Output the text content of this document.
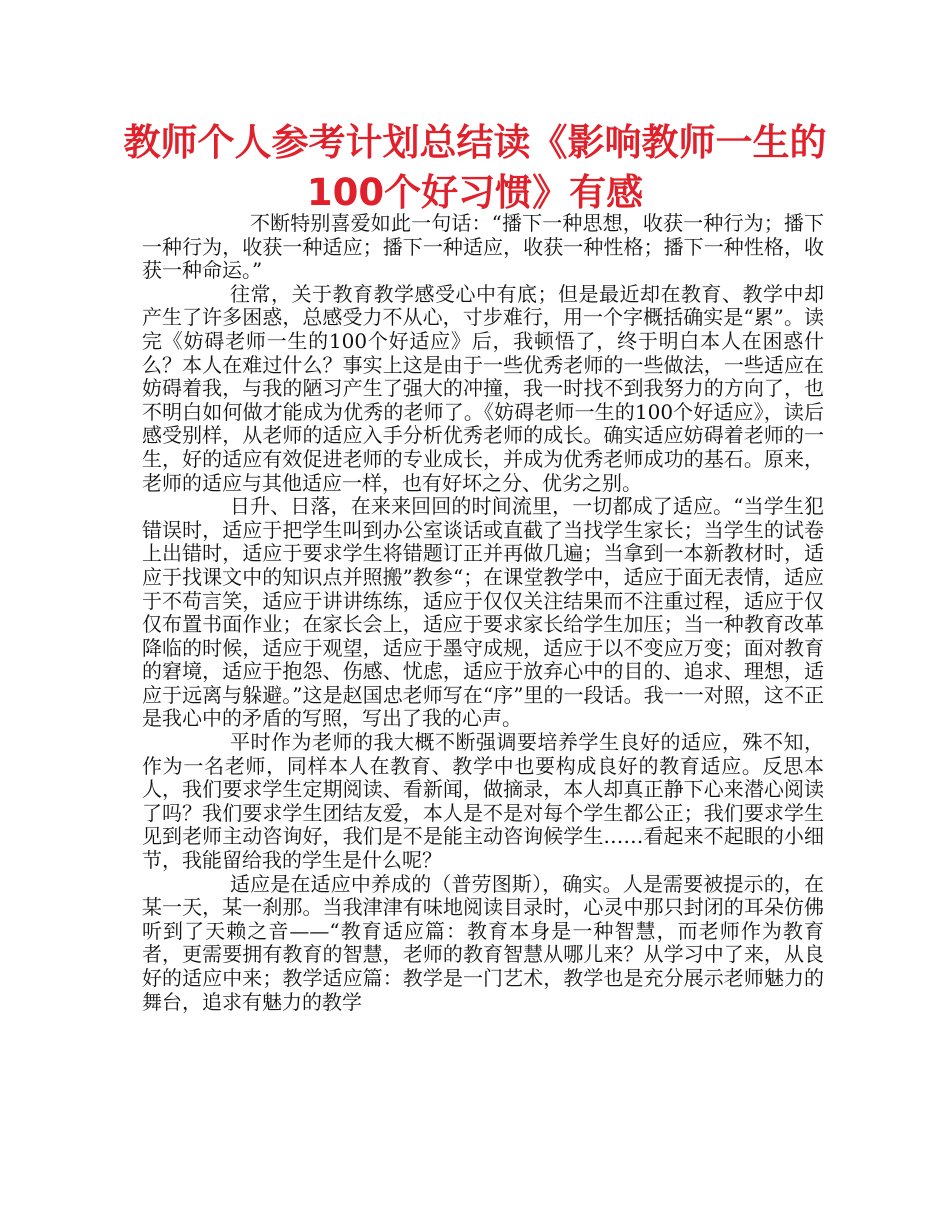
教师个人参考计划总结读《影响教师一生的100个好习惯》有感

不断特别喜爱如此一句话：“播下一种思想，收获一种行为；播下一种行为，收获一种适应；播下一种适应，收获一种性格；播下一种性格，收获一种命运。”

往常，关于教育教学感受心中有底；但是最近却在教育、教学中却产生了许多困惑，总感受力不从心，寸步难行，用一个字概括确实是“累”。读完《妨碍老师一生的100个好适应》后，我顿悟了，终于明白本人在困惑什么？本人在难过什么？事实上这是由于一些优秀老师的一些做法，一些适应在妨碍着我，与我的陋习产生了强大的冲撞，我一时找不到我努力的方向了，也不明白如何做才能成为优秀的老师了。《妨碍老师一生的100个好适应》，读后感受别样，从老师的适应入手分析优秀老师的成长。确实适应妨碍着老师的一生，好的适应有效促进老师的专业成长，并成为优秀老师成功的基石。原来，老师的适应与其他适应一样，也有好坏之分、优劣之别。

日升、日落，在来来回回的时间流里，一切都成了适应。“当学生犯错误时，适应于把学生叫到办公室谈话或直截了当找学生家长；当学生的试卷上出错时，适应于要求学生将错题订正并再做几遍；当拿到一本新教材时，适应于找课文中的知识点并照搬”教参“；在课堂教学中，适应于面无表情，适应于不苟言笑，适应于讲讲练练，适应于仅仅关注结果而不注重过程，适应于仅仅布置书面作业；在家长会上，适应于要求家长给学生加压；当一种教育改革降临的时候，适应于观望，适应于墨守成规，适应于以不变应万变；面对教育的窘境，适应于抱怨、伤感、忧虑，适应于放弃心中的目的、追求、理想，适应于远离与躲避。”这是赵国忠老师写在“序”里的一段话。我一一对照，这不正是我心中的矛盾的写照，写出了我的心声。

平时作为老师的我大概不断强调要培养学生良好的适应，殊不知，作为一名老师，同样本人在教育、教学中也要构成良好的教育适应。反思本人，我们要求学生定期阅读、看新闻，做摘录，本人却真正静下心来潜心阅读了吗？我们要求学生团结友爱，本人是不是对每个学生都公正；我们要求学生见到老师主动咨询好，我们是不是能主动咨询候学生……看起来不起眼的小细节，我能留给我的学生是什么呢？

适应是在适应中养成的（普劳图斯），确实。人是需要被提示的，在某一天，某一刹那。当我津津有味地阅读目录时，心灵中那只封闭的耳朵仿佛听到了天赖之音——“教育适应篇：教育本身是一种智慧，而老师作为教育者，更需要拥有教育的智慧，老师的教育智慧从哪儿来？从学习中了来，从良好的适应中来；教学适应篇：教学是一门艺术，教学也是充分展示老师魅力的舞台，追求有魅力的教学
